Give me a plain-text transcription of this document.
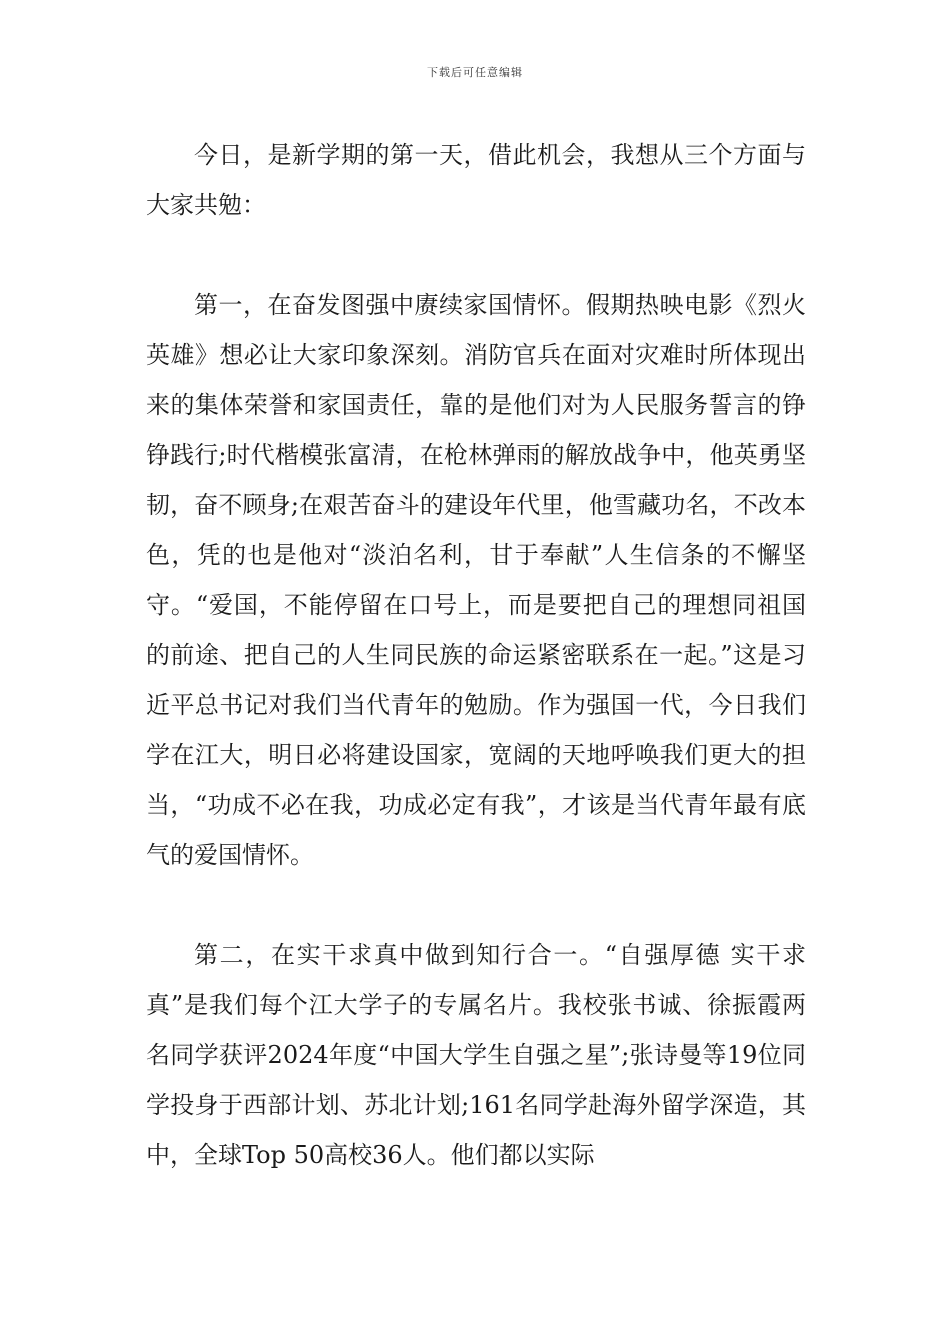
下载后可任意编辑

今日，是新学期的第一天，借此机会，我想从三个方面与大家共勉：

第一，在奋发图强中赓续家国情怀。假期热映电影《烈火英雄》想必让大家印象深刻。消防官兵在面对灾难时所体现出来的集体荣誉和家国责任，靠的是他们对为人民服务誓言的铮铮践行;时代楷模张富清，在枪林弹雨的解放战争中，他英勇坚韧，奋不顾身;在艰苦奋斗的建设年代里，他雪藏功名，不改本色，凭的也是他对“淡泊名利，甘于奉献”人生信条的不懈坚守。“爱国，不能停留在口号上，而是要把自己的理想同祖国的前途、把自己的人生同民族的命运紧密联系在一起。”这是习近平总书记对我们当代青年的勉励。作为强国一代，今日我们学在江大，明日必将建设国家，宽阔的天地呼唤我们更大的担当，“功成不必在我，功成必定有我”，才该是当代青年最有底气的爱国情怀。

第二，在实干求真中做到知行合一。“自强厚德 实干求真”是我们每个江大学子的专属名片。我校张书诚、徐振霞两名同学获评2024年度“中国大学生自强之星”;张诗曼等19位同学投身于西部计划、苏北计划;161名同学赴海外留学深造，其中，全球Top 50高校36人。他们都以实际
